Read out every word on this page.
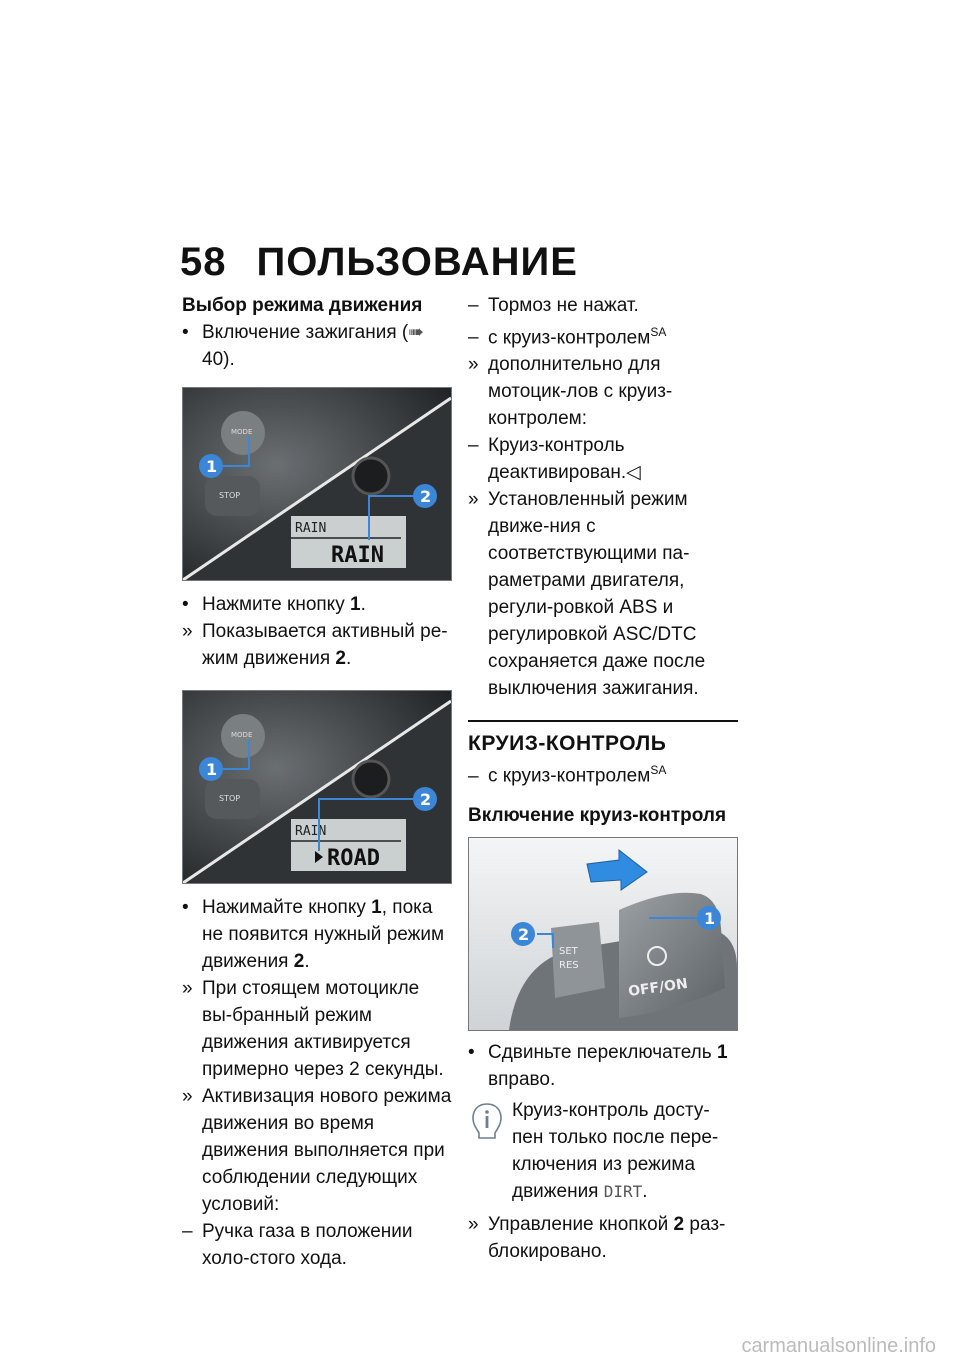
58 ПОЛЬЗОВАНИЕ

Выбор режима движения

• Включение зажигания (➠ 40).

MODE
STOP
RAIN
RAIN
1
2

• Нажмите кнопку 1.

» Показывается активный ре-жим движения 2.

MODE
STOP
RAIN
ROAD
1
2

• Нажимайте кнопку 1, пока не появится нужный режим движения 2.

» При стоящем мотоцикле вы-бранный режим движения активируется примерно через 2 секунды.

» Активизация нового режима движения во время движения выполняется при соблюдении следующих условий:

– Ручка газа в положении холо-стого хода.

– Тормоз не нажат.

– с круиз-контролем$^{SA}$

» дополнительно для мотоцик-лов с круиз-контролем:

– Круиз-контроль деактивирован.◁

» Установленный режим движе-ния с соответствующими па-раметрами двигателя, регули-ровкой ABS и регулировкой ASC/DTC сохраняется даже после выключения зажигания.

КРУИЗ-КОНТРОЛЬ

– с круиз-контролем$^{SA}$

Включение круиз-контроля

SET
RES
OFF/ON
2
1

• Сдвиньте переключатель 1 вправо.

Круиз-контроль досту-пен только после пере-ключения из режима движения DIRT.

» Управление кнопкой 2 раз-блокировано.

carmanualsonline.info
